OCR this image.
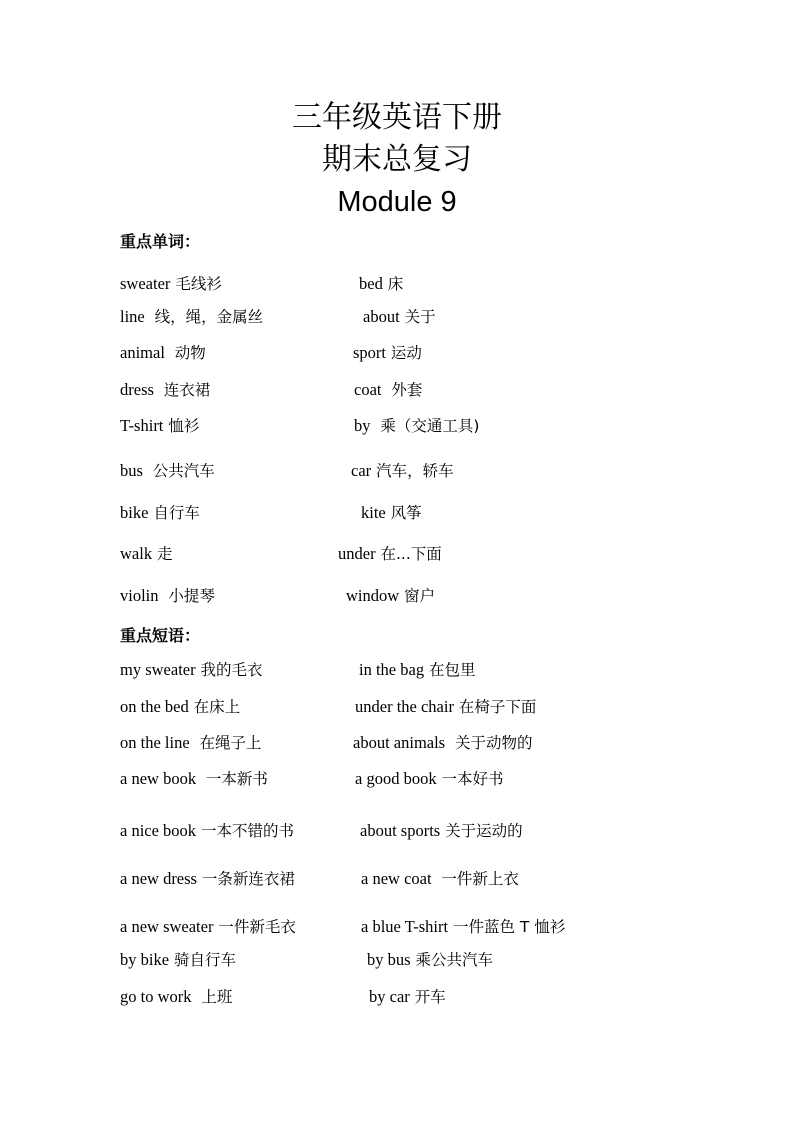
三年级英语下册
期末总复习
Module 9
重点单词：
sweater 毛线衫	bed 床
line  线，绳，金属丝	about 关于
animal  动物	sport 运动
dress  连衣裙	coat  外套
T-shirt 恤衫	by  乘（交通工具)
bus  公共汽车	car 汽车，轿车
bike 自行车	kite 风筝
walk 走	under 在...下面
violin  小提琴	window 窗户
重点短语：
my sweater 我的毛衣	in the bag 在包里
on the bed 在床上	under the chair 在椅子下面
on the line  在绳子上	about animals  关于动物的
a new book  一本新书	a good book 一本好书
a nice book 一本不错的书	about sports 关于运动的
a new dress 一条新连衣裙	a new coat  一件新上衣
a new sweater 一件新毛衣	a blue T-shirt 一件蓝色 T 恤衫
by bike 骑自行车	by bus 乘公共汽车
go to work  上班	by car 开车
